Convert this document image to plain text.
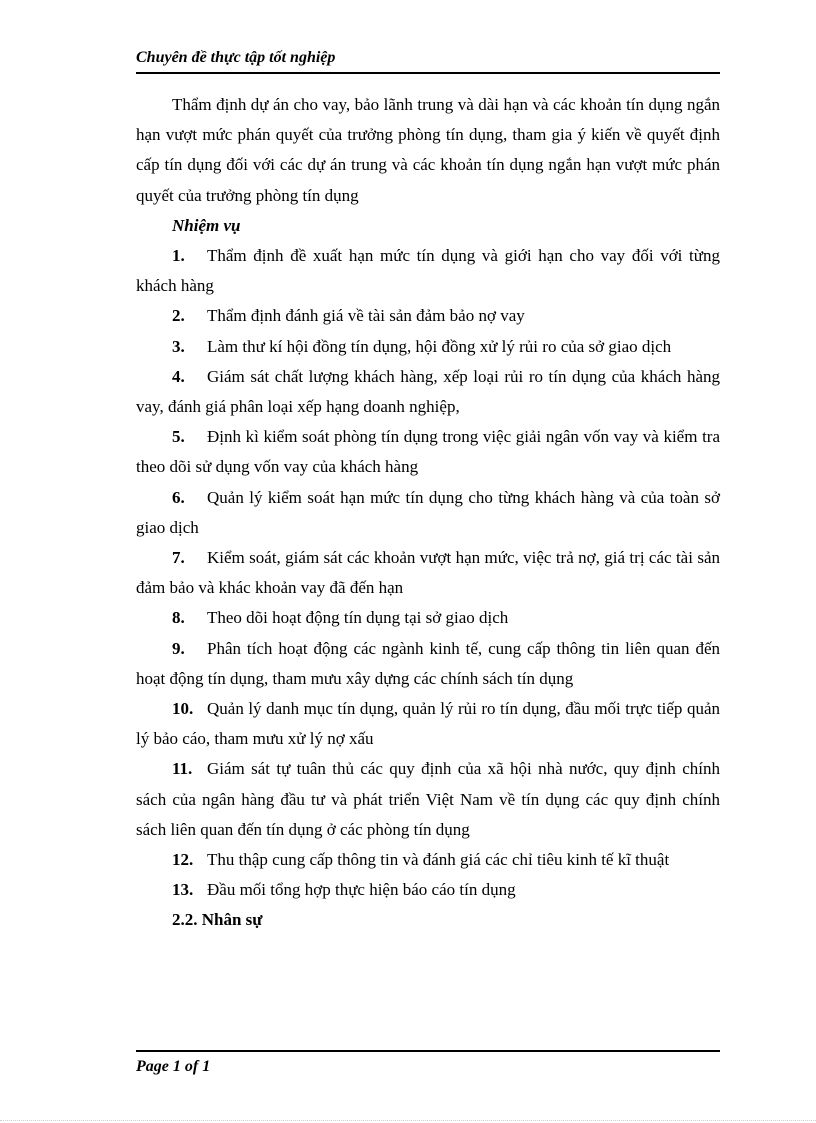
Chuyên đề thực tập tốt nghiệp

Thẩm định dự án cho vay, bảo lãnh trung và dài hạn và các khoản tín dụng ngắn hạn vượt mức phán quyết của trưởng phòng tín dụng, tham gia ý kiến về quyết định cấp tín dụng đối với các dự án trung và các khoản tín dụng ngắn hạn vượt mức phán quyết của trưởng phòng tín dụng

Nhiệm vụ

1. Thẩm định đề xuất hạn mức tín dụng và giới hạn cho vay đối với từng khách hàng

2. Thẩm định đánh giá về tài sản đảm bảo nợ vay

3. Làm thư kí hội đồng tín dụng, hội đồng xử lý rủi ro của sở giao dịch

4. Giám sát chất lượng khách hàng, xếp loại rủi ro tín dụng của khách hàng vay, đánh giá phân loại xếp hạng doanh nghiệp,

5. Định kì kiểm soát phòng tín dụng trong việc giải ngân vốn vay và kiểm tra theo dõi sử dụng vốn vay của khách hàng

6. Quản lý kiểm soát hạn mức tín dụng cho từng khách hàng và của toàn sở giao dịch

7. Kiểm soát, giám sát các khoản vượt hạn mức, việc trả nợ, giá trị các tài sản đảm bảo và khác khoản vay đã đến hạn

8. Theo dõi hoạt động tín dụng tại sở giao dịch

9. Phân tích hoạt động các ngành kinh tế, cung cấp thông tin liên quan đến hoạt động tín dụng, tham mưu xây dựng các chính sách tín dụng

10. Quản lý danh mục tín dụng, quản lý rủi ro tín dụng, đầu mối trực tiếp quản lý bảo cáo, tham mưu xử lý nợ xấu

11. Giám sát tự tuân thủ các quy định của xã hội nhà nước, quy định chính sách của ngân hàng đầu tư và phát triển Việt Nam về tín dụng các quy định chính sách liên quan đến tín dụng ở các phòng tín dụng

12. Thu thập cung cấp thông tin và đánh giá các chỉ tiêu kinh tế kĩ thuật

13. Đầu mối tổng hợp thực hiện báo cáo tín dụng

2.2. Nhân sự

Page 1 of 1
